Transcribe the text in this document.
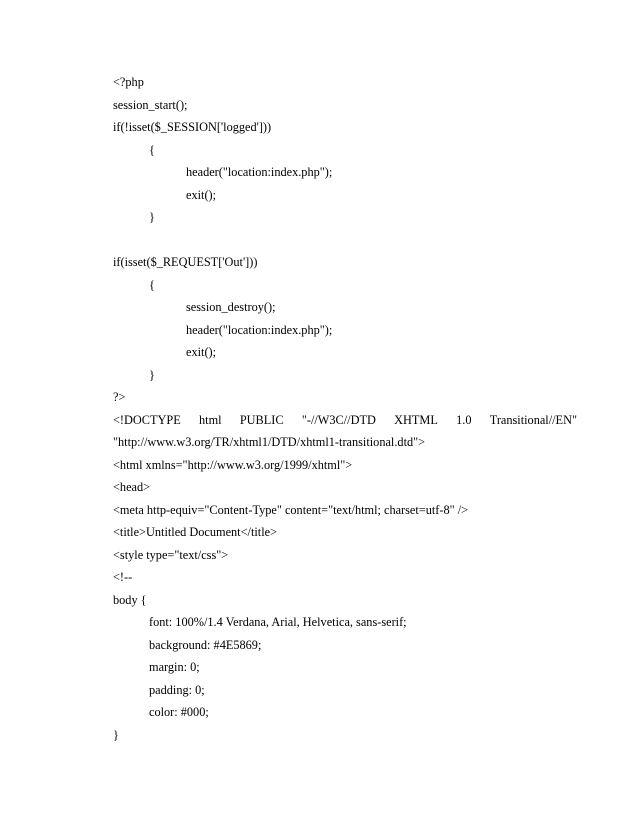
<?php
session_start();
if(!isset($_SESSION['logged']))
{
header("location:index.php");
exit();
}
if(isset($_REQUEST['Out']))
{
session_destroy();
header("location:index.php");
exit();
}
?>
<!DOCTYPE html PUBLIC "-//W3C//DTD XHTML 1.0 Transitional//EN"
"http://www.w3.org/TR/xhtml1/DTD/xhtml1-transitional.dtd">
<html xmlns="http://www.w3.org/1999/xhtml">
<head>
<meta http-equiv="Content-Type" content="text/html; charset=utf-8" />
<title>Untitled Document</title>
<style type="text/css">
<!--
body {
font: 100%/1.4 Verdana, Arial, Helvetica, sans-serif;
background: #4E5869;
margin: 0;
padding: 0;
color: #000;
}
